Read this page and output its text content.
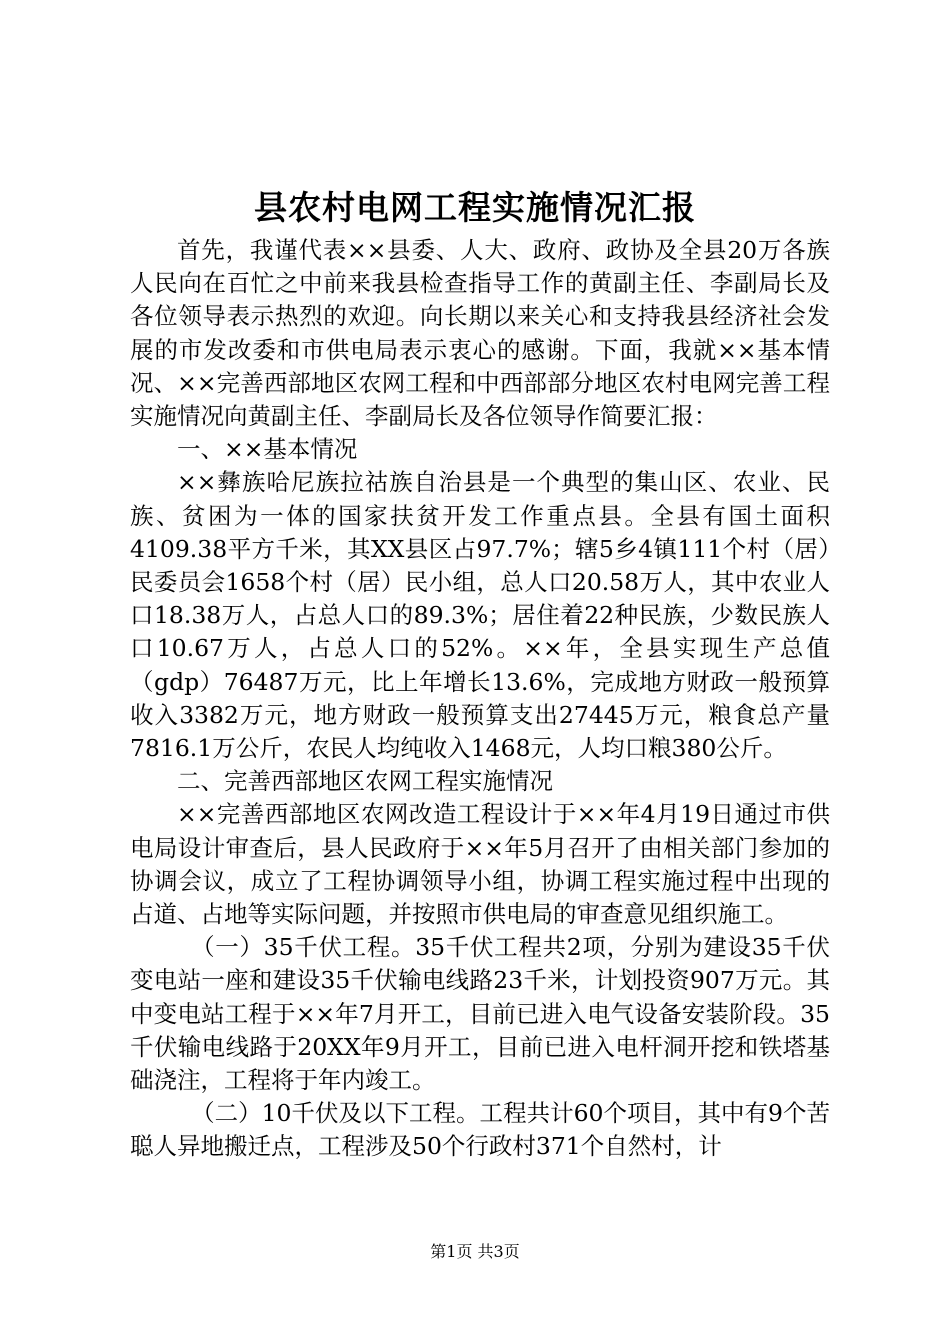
县农村电网工程实施情况汇报

首先，我谨代表××县委、人大、政府、政协及全县20万各族人民向在百忙之中前来我县检查指导工作的黄副主任、李副局长及各位领导表示热烈的欢迎。向长期以来关心和支持我县经济社会发展的市发改委和市供电局表示衷心的感谢。下面，我就××基本情况、××完善西部地区农网工程和中西部部分地区农村电网完善工程实施情况向黄副主任、李副局长及各位领导作简要汇报：

一、××基本情况

××彝族哈尼族拉祜族自治县是一个典型的集山区、农业、民族、贫困为一体的国家扶贫开发工作重点县。全县有国土面积4109.38平方千米，其XX县区占97.7%；辖5乡4镇111个村（居）民委员会1658个村（居）民小组，总人口20.58万人，其中农业人口18.38万人，占总人口的89.3%；居住着22种民族，少数民族人口10.67万人，占总人口的52%。××年，全县实现生产总值（gdp）76487万元，比上年增长13.6%，完成地方财政一般预算收入3382万元，地方财政一般预算支出27445万元，粮食总产量7816.1万公斤，农民人均纯收入1468元，人均口粮380公斤。

二、完善西部地区农网工程实施情况

××完善西部地区农网改造工程设计于××年4月19日通过市供电局设计审查后，县人民政府于××年5月召开了由相关部门参加的协调会议，成立了工程协调领导小组，协调工程实施过程中出现的占道、占地等实际问题，并按照市供电局的审查意见组织施工。

（一）35千伏工程。35千伏工程共2项，分别为建设35千伏变电站一座和建设35千伏输电线路23千米，计划投资907万元。其中变电站工程于××年7月开工，目前已进入电气设备安装阶段。35千伏输电线路于20XX年9月开工，目前已进入电杆洞开挖和铁塔基础浇注，工程将于年内竣工。

（二）10千伏及以下工程。工程共计60个项目，其中有9个苦聪人异地搬迁点，工程涉及50个行政村371个自然村，计

第1页 共3页
